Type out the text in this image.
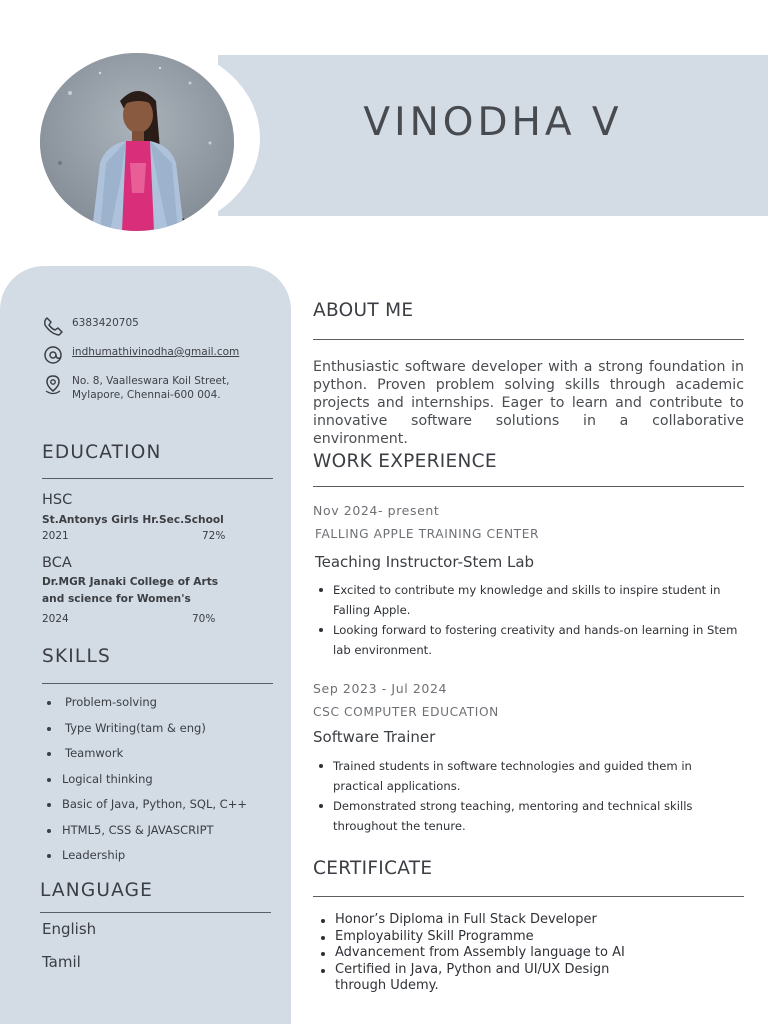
VINODHA V
6383420705
indhumathivinodha@gmail.com
No. 8, Vaalleswara Koil Street,
Mylapore, Chennai-600 004.
EDUCATION
HSC
St.Antonys Girls Hr.Sec.School
2021	72%
BCA
Dr.MGR Janaki College of Arts and science for Women's
2024	70%
SKILLS
Problem-solving
Type Writing(tam & eng)
Teamwork
Logical thinking
Basic of Java, Python, SQL, C++
HTML5, CSS & JAVASCRIPT
Leadership
LANGUAGE
English
Tamil
ABOUT ME
Enthusiastic software developer with a strong foundation in python. Proven problem solving skills through academic projects and internships. Eager to learn and contribute to innovative software solutions in a collaborative environment.
WORK EXPERIENCE
Nov 2024- present
FALLING APPLE TRAINING CENTER
Teaching Instructor-Stem Lab
Excited to contribute my knowledge and skills to inspire student in Falling Apple.
Looking forward to fostering creativity and hands-on learning in Stem lab environment.
Sep 2023 - Jul 2024
CSC COMPUTER EDUCATION
Software Trainer
Trained students in software technologies and guided them in practical applications.
Demonstrated strong teaching, mentoring and technical skills throughout the tenure.
CERTIFICATE
Honor’s Diploma in Full Stack Developer
Employability Skill Programme
Advancement from Assembly language to AI
Certified in Java, Python and UI/UX Design through Udemy.
